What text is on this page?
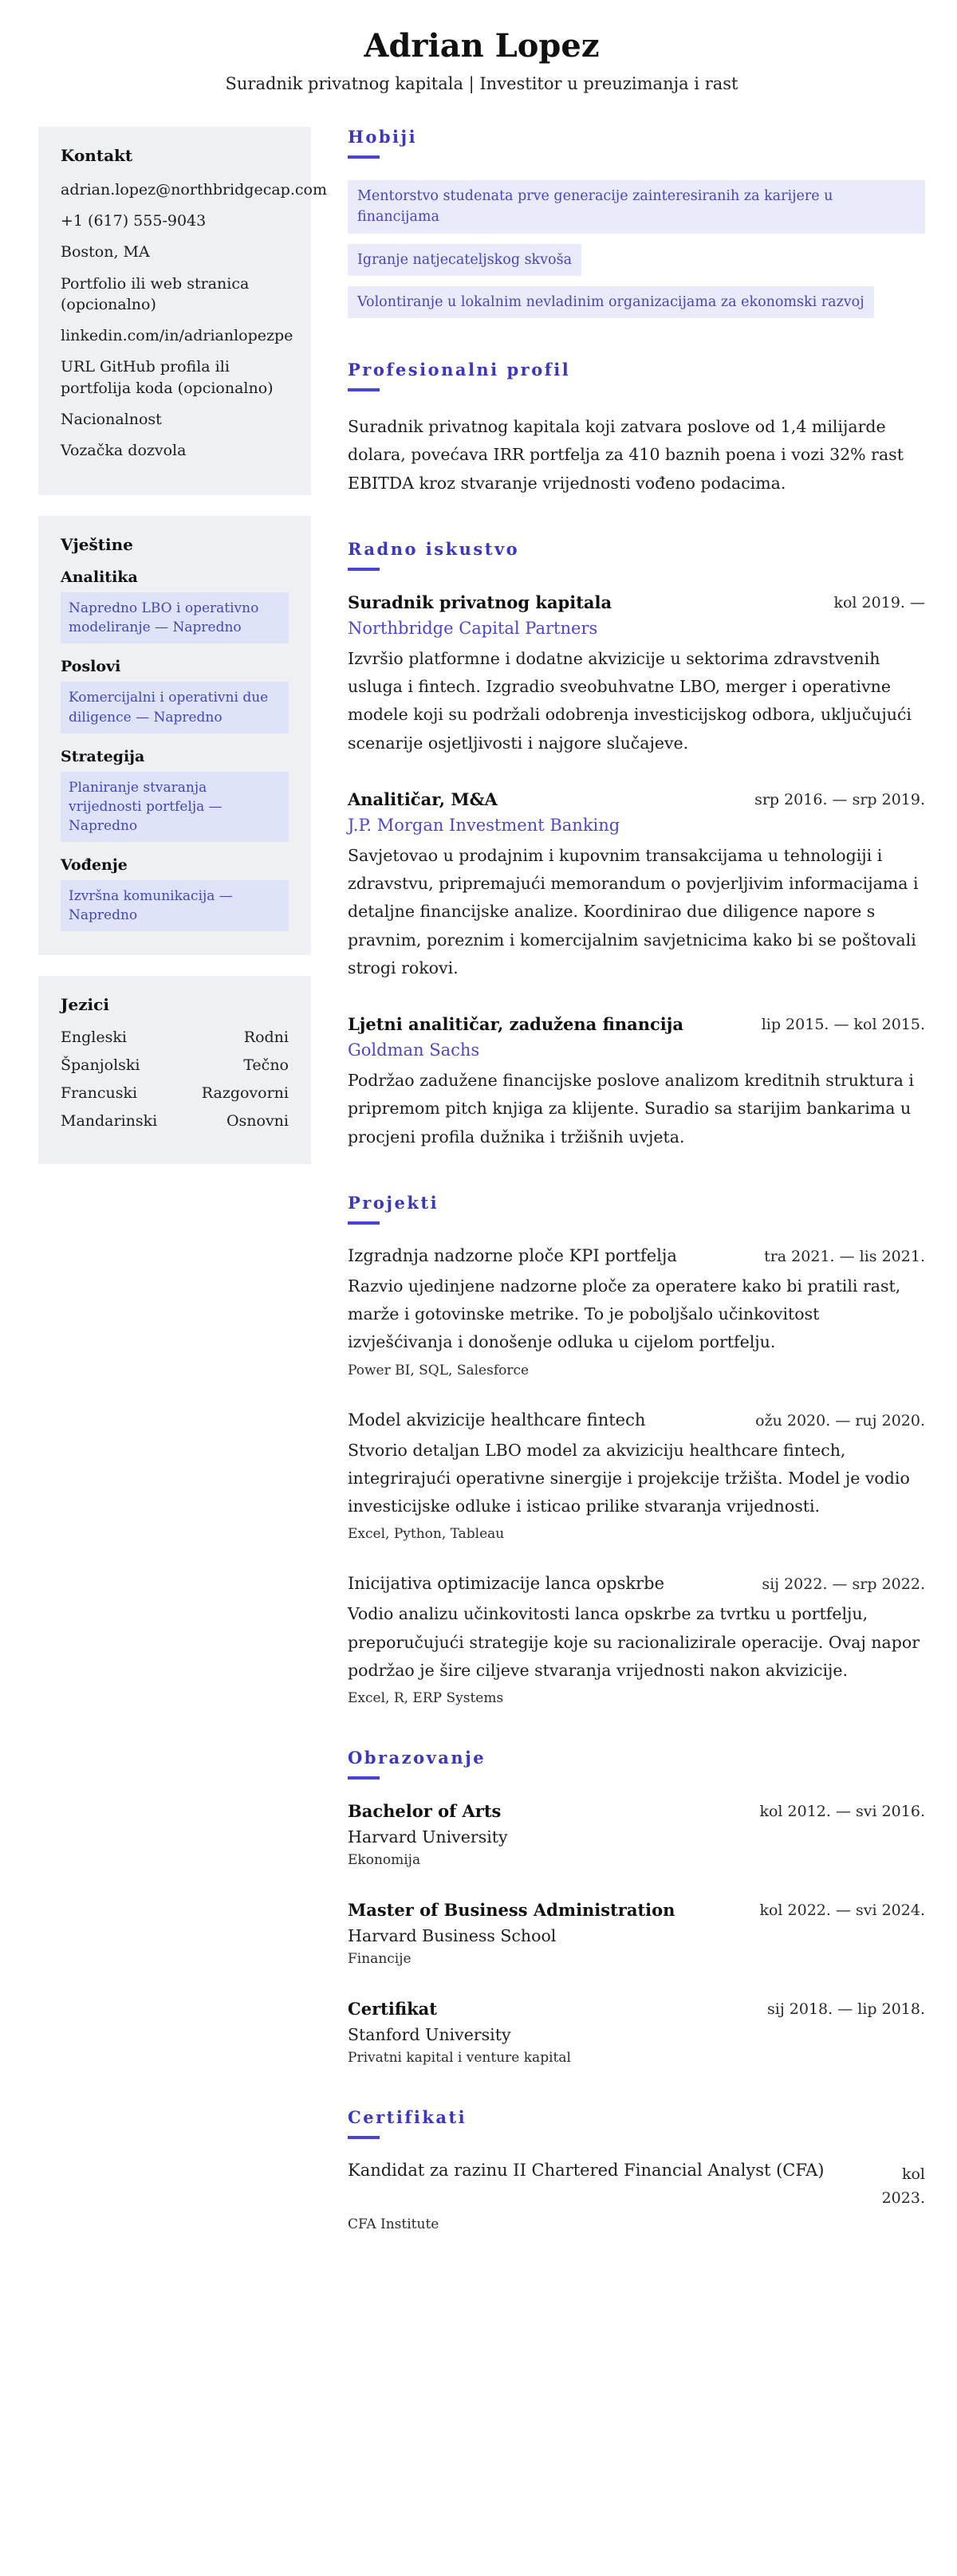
Adrian Lopez
Suradnik privatnog kapitala | Investitor u preuzimanja i rast
Kontakt
adrian.lopez@northbridgecap.com
+1 (617) 555-9043
Boston, MA
Portfolio ili web stranica (opcionalno)
linkedin.com/in/adrianlopezpe
URL GitHub profila ili portfolija koda (opcionalno)
Nacionalnost
Vozačka dozvola
Vještine
Analitika
Napredno LBO i operativno modeliranje — Napredno
Poslovi
Komercijalni i operativni due diligence — Napredno
Strategija
Planiranje stvaranja vrijednosti portfelja — Napredno
Vođenje
Izvršna komunikacija — Napredno
Jezici
Engleski	Rodni
Španjolski	Tečno
Francuski	Razgovorni
Mandarinski	Osnovni
Hobiji
Mentorstvo studenata prve generacije zainteresiranih za karijere u financijama
Igranje natjecateljskog skvoša
Volontiranje u lokalnim nevladinim organizacijama za ekonomski razvoj
Profesionalni profil

Suradnik privatnog kapitala koji zatvara poslove od 1,4 milijarde dolara, povećava IRR portfelja za 410 baznih poena i vozi 32% rast EBITDA kroz stvaranje vrijednosti vođeno podacima.

Radno iskustvo
Suradnik privatnog kapitala	kol 2019. —
Northbridge Capital Partners

Izvršio platformne i dodatne akvizicije u sektorima zdravstvenih usluga i fintech. Izgradio sveobuhvatne LBO, merger i operativne modele koji su podržali odobrenja investicijskog odbora, uključujući scenarije osjetljivosti i najgore slučajeve.

Analitičar, M&A	srp 2016. — srp 2019.
J.P. Morgan Investment Banking

Savjetovao u prodajnim i kupovnim transakcijama u tehnologiji i zdravstvu, pripremajući memorandum o povjerljivim informacijama i detaljne financijske analize. Koordinirao due diligence napore s pravnim, poreznim i komercijalnim savjetnicima kako bi se poštovali strogi rokovi.

Ljetni analitičar, zadužena financija	lip 2015. — kol 2015.
Goldman Sachs

Podržao zadužene financijske poslove analizom kreditnih struktura i pripremom pitch knjiga za klijente. Suradio sa starijim bankarima u procjeni profila dužnika i tržišnih uvjeta.

Projekti
Izgradnja nadzorne ploče KPI portfelja	tra 2021. — lis 2021.

Razvio ujedinjene nadzorne ploče za operatere kako bi pratili rast, marže i gotovinske metrike. To je poboljšalo učinkovitost izvješćivanja i donošenje odluka u cijelom portfelju.

Power BI, SQL, Salesforce
Model akvizicije healthcare fintech	ožu 2020. — ruj 2020.

Stvorio detaljan LBO model za akviziciju healthcare fintech, integrirajući operativne sinergije i projekcije tržišta. Model je vodio investicijske odluke i isticao prilike stvaranja vrijednosti.

Excel, Python, Tableau
Inicijativa optimizacije lanca opskrbe	sij 2022. — srp 2022.

Vodio analizu učinkovitosti lanca opskrbe za tvrtku u portfelju, preporučujući strategije koje su racionalizirale operacije. Ovaj napor podržao je šire ciljeve stvaranja vrijednosti nakon akvizicije.

Excel, R, ERP Systems
Obrazovanje
Bachelor of Arts	kol 2012. — svi 2016.
Harvard University
Ekonomija
Master of Business Administration	kol 2022. — svi 2024.
Harvard Business School
Financije
Certifikat	sij 2018. — lip 2018.
Stanford University
Privatni kapital i venture kapital
Certifikati
Kandidat za razinu II Chartered Financial Analyst (CFA)	kol 2023.
CFA Institute
